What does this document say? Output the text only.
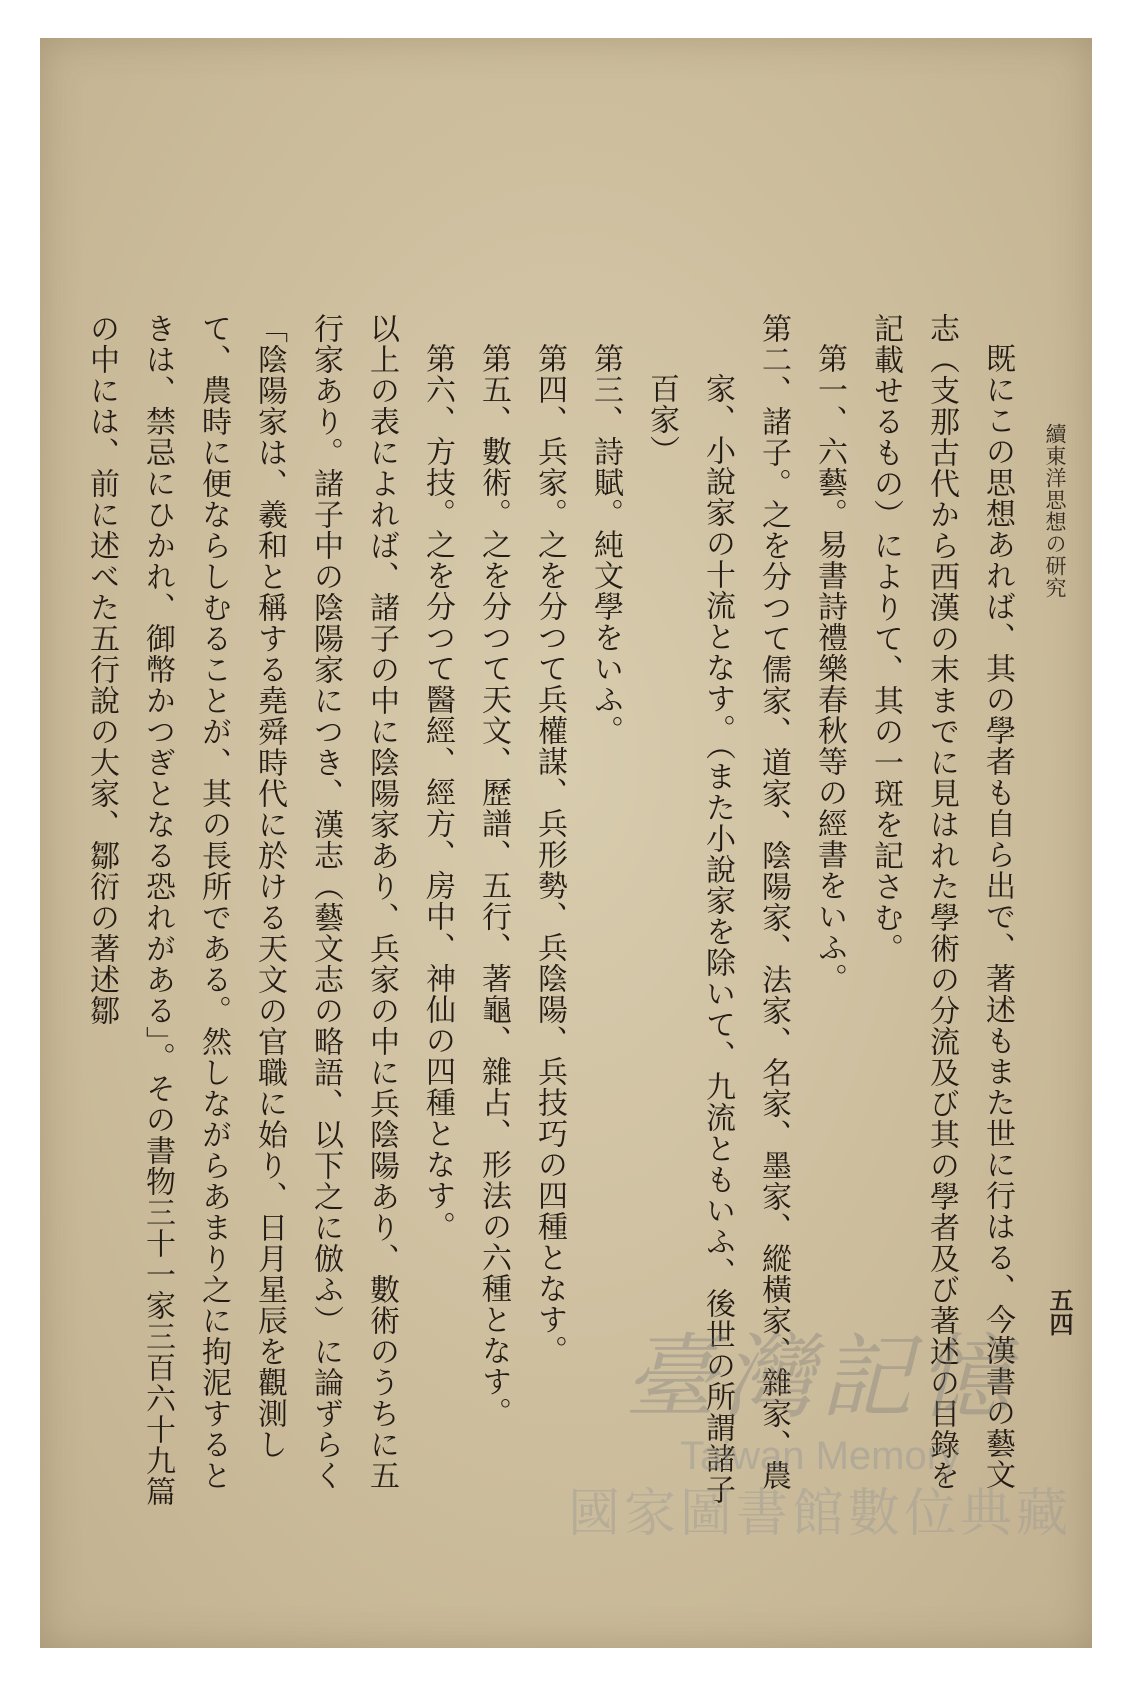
續東洋思想の研究
五四

既にこの思想あれば、其の學者も自ら出で、著述もまた世に行はる、今漢書の藝文志（支那古代から西漢の末までに見はれた學術の分流及び其の學者及び著述の目錄を記載せるもの）によりて、其の一斑を記さむ。

第一、六藝。易書詩禮樂春秋等の經書をいふ。

第二、諸子。之を分つて儒家、道家、陰陽家、法家、名家、墨家、縱橫家、雜家、農家、小說家の十流となす。（また小說家を除いて、九流ともいふ、後世の所謂諸子百家）

第三、詩賦。純文學をいふ。

第四、兵家。之を分つて兵權謀、兵形勢、兵陰陽、兵技巧の四種となす。

第五、數術。之を分つて天文、歷譜、五行、著龜、雜占、形法の六種となす。

第六、方技。之を分つて醫經、經方、房中、神仙の四種となす。

以上の表によれば、諸子の中に陰陽家あり、兵家の中に兵陰陽あり、數術のうちに五行家あり。諸子中の陰陽家につき、漢志（藝文志の略語、以下之に倣ふ）に論ずらく「陰陽家は、羲和と稱する堯舜時代に於ける天文の官職に始り、日月星辰を觀測して、農時に便ならしむることが、其の長所である。然しながらあまり之に拘泥するときは、禁忌にひかれ、御幣かつぎとなる恐れがある」。その書物三十一家三百六十九篇の中には、前に述べた五行說の大家、鄒衍の著述鄒

臺灣記憶
Taiwan Memory
國家圖書館數位典藏
